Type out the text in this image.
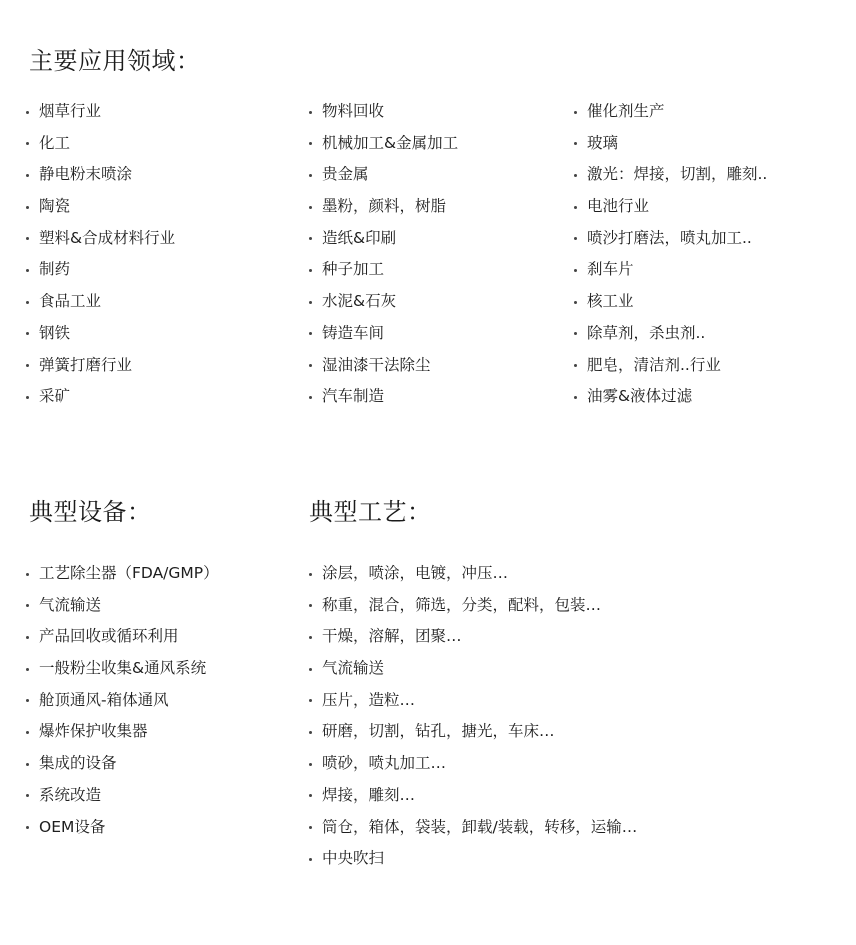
主要应用领域：
烟草行业
化工
静电粉末喷涂
陶瓷
塑料&合成材料行业
制药
食品工业
钢铁
弹簧打磨行业
采矿
物料回收
机械加工&金属加工
贵金属
墨粉，颜料，树脂
造纸&印刷
种子加工
水泥&石灰
铸造车间
湿油漆干法除尘
汽车制造
催化剂生产
玻璃
激光：焊接，切割，雕刻..
电池行业
喷沙打磨法，喷丸加工..
刹车片
核工业
除草剂，杀虫剂..
肥皂，清洁剂..行业
油雾&液体过滤
典型设备：
工艺除尘器（FDA/GMP）
气流输送
产品回收或循环利用
一般粉尘收集&通风系统
舱顶通风-箱体通风
爆炸保护收集器
集成的设备
系统改造
OEM设备
典型工艺：
涂层，喷涂，电镀，冲压…
称重，混合，筛选，分类，配料，包装…
干燥，溶解，团聚…
气流输送
压片，造粒…
研磨，切割，钻孔，搪光，车床…
喷砂，喷丸加工…
焊接，雕刻…
筒仓，箱体，袋装，卸载/装载，转移，运输…
中央吹扫
